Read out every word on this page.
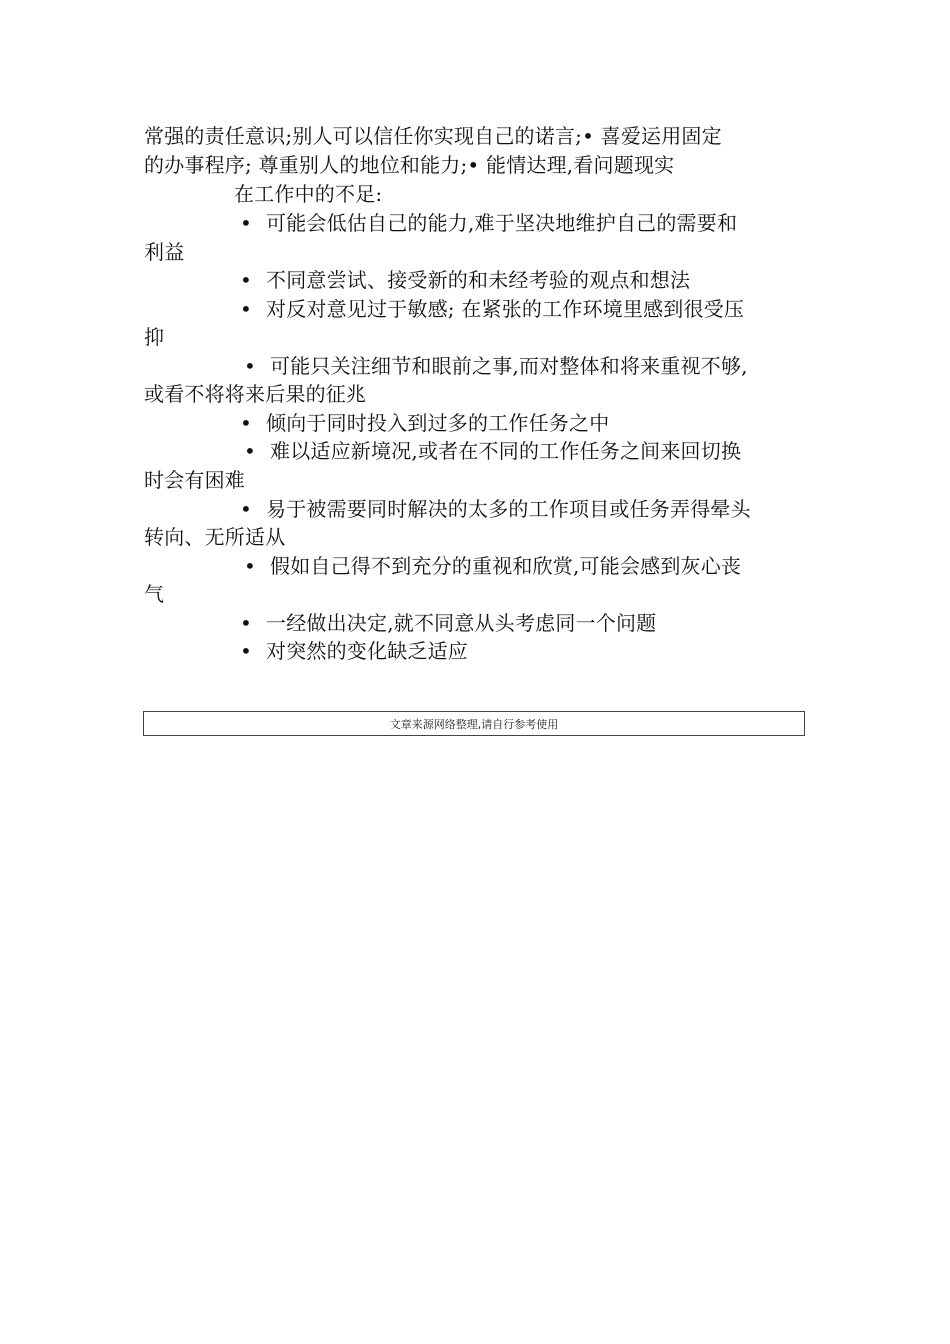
常强的责任意识;别人可以信任你实现自己的诺言;• 喜爱运用固定
的办事程序; 尊重别人的地位和能力;• 能情达理,看问题现实
在工作中的不足:
• 可能会低估自己的能力,难于坚决地维护自己的需要和
利益
• 不同意尝试、接受新的和未经考验的观点和想法
• 对反对意见过于敏感; 在紧张的工作环境里感到很受压
抑
• 可能只关注细节和眼前之事,而对整体和将来重视不够,
或看不将将来后果的征兆
• 倾向于同时投入到过多的工作任务之中
• 难以适应新境况,或者在不同的工作任务之间来回切换
时会有困难
• 易于被需要同时解决的太多的工作项目或任务弄得晕头
转向、无所适从
• 假如自己得不到充分的重视和欣赏,可能会感到灰心丧
气
• 一经做出决定,就不同意从头考虑同一个问题
• 对突然的变化缺乏适应
文章来源网络整理,请自行参考使用
